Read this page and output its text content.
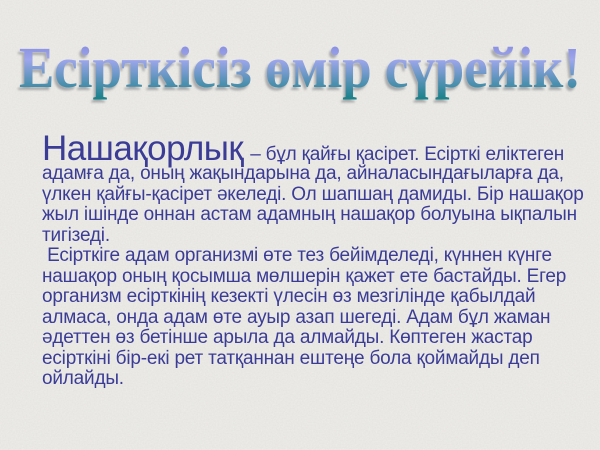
Есірткісіз өмір сүрейік!
Нашақорлық – бұл қайғы қасірет. Есірткі еліктеген
адамға да, оның жақындарына да, айналасындағыларға да,
үлкен қайғы-қасірет әкеледі. Ол шапшаң дамиды. Бір нашақор
жыл ішінде оннан астам адамның нашақор болуына ықпалын
тигізеді.
Есірткіге адам организмі өте тез бейімделеді, күннен күнге
нашақор оның қосымша мөлшерін қажет ете бастайды. Егер
организм есірткінің кезекті үлесін өз мезгілінде қабылдай
алмаса, онда адам өте ауыр азап шегеді. Адам бұл жаман
әдеттен өз бетінше арыла да алмайды. Көптеген жастар
есірткіні бір-екі рет татқаннан ештеңе бола қоймайды деп
ойлайды.
